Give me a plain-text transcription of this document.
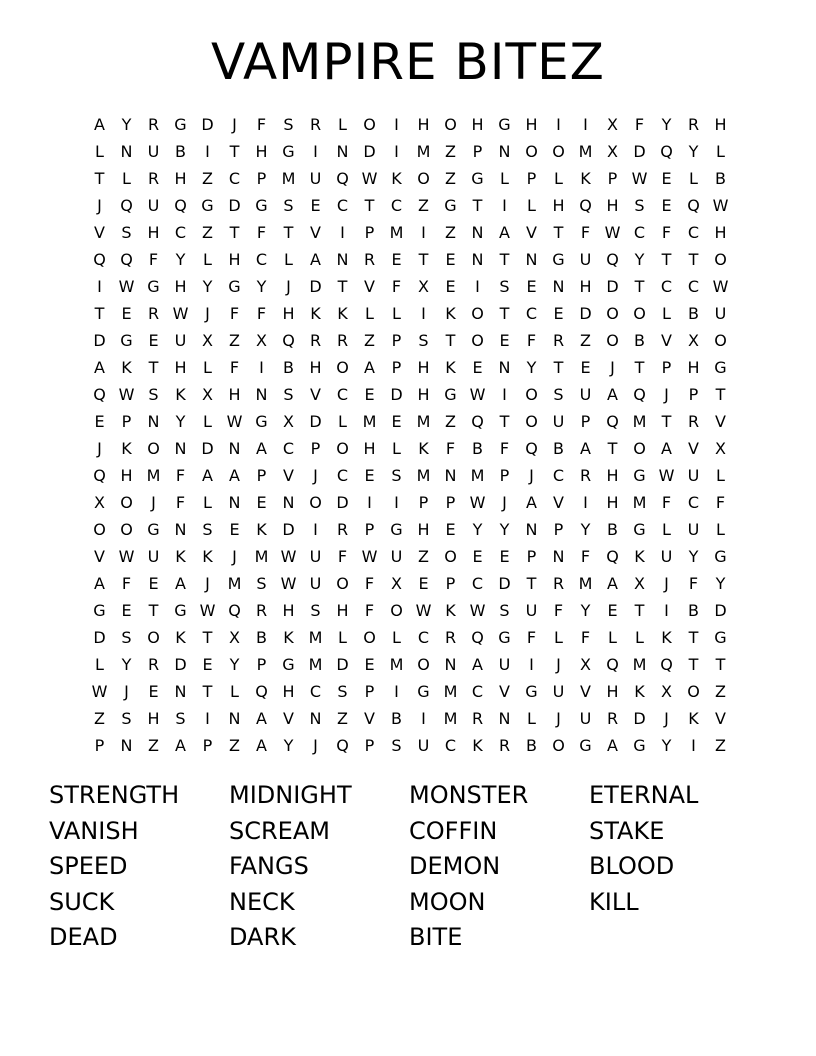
VAMPIRE BITEZ
A	Y	R G D	J	F	S	R	L	O	I	H O H G H	I	I	X	F	Y	R H
L	N U B	I	T	H G	I	N D	I	M Z	P	N O O M X D Q Y	L
T	L	R H Z C	P M U Q W K O Z G	L	P	L	K	P W E	L	B
J	Q U Q G D G S	E	C	T	C Z G T	I	L	H Q H S	E Q W
V	S H C Z	T	F	T	V	I	P M	I	Z N A	V	T	F W C	F	C H
Q Q	F	Y	L	H C	L	A N R	E	T	E N	T	N G U Q Y	T	T O
I	W G H	Y G Y	J	D T	V	F	X	E	I	S	E N H D T	C C W
T	E	R W	J	F	F	H K	K	L	L	I	K O T	C	E D O O	L	B U
D G E	U X	Z	X Q R R Z	P	S	T O E	F	R Z O B	V	X O
A	K	T	H	L	F	I	B H O A	P	H K	E N	Y	T	E	J	T	P	H G
Q W S	K	X H N S	V C	E D H G W	I	O S	U A Q	J	P	T
E	P	N	Y	L W G X D	L M E M Z Q T O U	P Q M T	R V
J	K O N D N A C	P O H	L	K	F	B	F	Q B	A	T O A	V	X
Q H M F	A	A	P	V	J	C	E	S M N M P	J	C R H G W U	L
X O	J	F	L	N E N O D	I	I	P	P W	J	A	V	I	H M F	C	F
O O G N S	E	K D	I	R	P G H E	Y	Y	N	P	Y	B G	L	U	L
V W U K	K	J	M W U	F W U Z O E	E	P	N	F	Q K U	Y G
A	F	E	A	J	M S W U O	F	X	E	P	C D T	R M A	X	J	F	Y
G E	T G W Q R H S H	F	O W K W S	U	F	Y	E	T	I	B D
D S O K	T	X	B	K M L	O	L	C R Q G	F	L	F	L	L	K	T G
L	Y	R D E	Y	P G M D E M O N A U	I	J	X Q M Q T	T
W	J	E N	T	L	Q H C	S	P	I	G M C V G U V H K	X O Z
Z	S H S	I	N A	V N Z	V	B	I	M R N	L	J	U R D	J	K	V
P	N Z	A	P	Z	A	Y	J	Q P	S	U C	K	R B O G A G Y	I	Z
STRENGTH	MIDNIGHT	MONSTER	ETERNAL
VANISH	SCREAM	COFFIN	STAKE
SPEED	FANGS	DEMON	BLOOD
SUCK	NECK	MOON	KILL
DEAD	DARK	BITE
